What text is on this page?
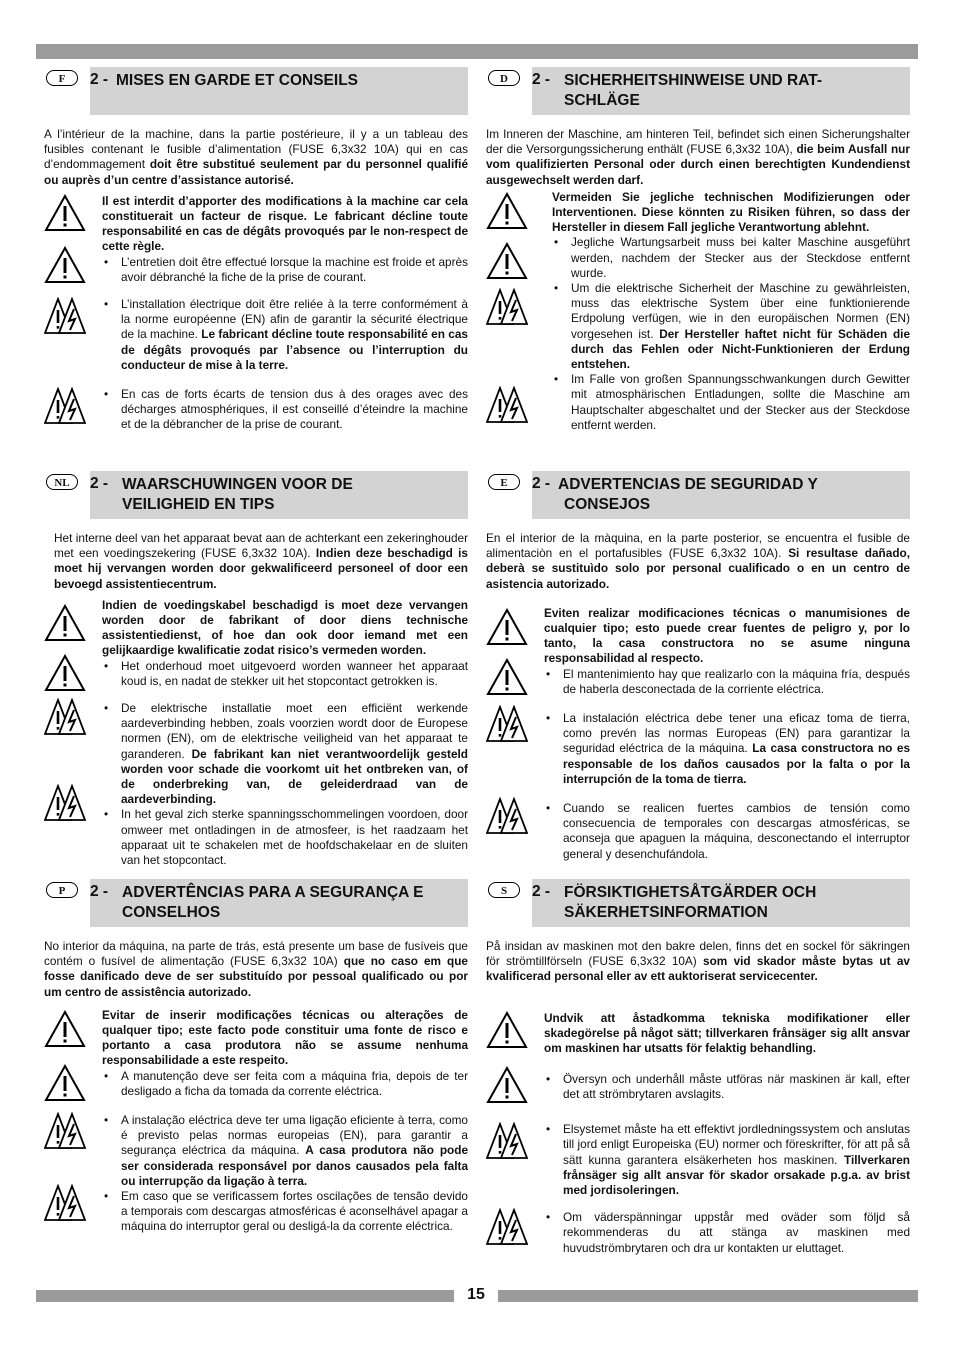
F	2 - MISES EN GARDE ET CONSEILS
A l’intérieur de la machine, dans la partie postérieure, il y a un tableau des fusibles contenant le fusible d’alimentation (FUSE 6,3x32 10A) qui en cas d’endommagement doit être substitué seulement par du personnel qualifié ou auprès d’un centre d’assistance autorisé.
Il est interdit d’apporter des modifications à la machine car cela constituerait un facteur de risque. Le fabricant décline toute responsabilité en cas de dégâts provoqués par le non-respect de cette règle.
• L’entretien doit être effectué lorsque la machine est froide et après avoir débranché la fiche de la prise de courant.
• L’installation électrique doit être reliée à la terre conformément à la norme européenne (EN) afin de garantir la sécurité électrique de la machine. Le fabricant décline toute responsabilité en cas de dégâts provoqués par l’absence ou l’interruption du conducteur de mise à la terre.
• En cas de forts écarts de tension dus à des orages avec des décharges atmosphériques, il est conseillé d’éteindre la machine et de la débrancher de la prise de courant.
D	2 - SICHERHEITSHINWEISE UND RAT-
SCHLÄGE
Im Inneren der Maschine, am hinteren Teil, befindet sich einen Sicherungshalter der die Versorgungssicherung enthält (FUSE 6,3x32 10A), die beim Ausfall nur vom qualifizierten Personal oder durch einen berechtigten Kundendienst ausgewechselt werden darf.
Vermeiden Sie jegliche technischen Modifizierungen oder Interventionen. Diese könnten zu Risiken führen, so dass der Hersteller in diesem Fall jegliche Verantwortung ablehnt.
• Jegliche Wartungsarbeit muss bei kalter Maschine ausgeführt werden, nachdem der Stecker aus der Steckdose entfernt wurde.
• Um die elektrische Sicherheit der Maschine zu gewährleisten, muss das elektrische System über eine funktionierende Erdpolung verfügen, wie in den europäischen Normen (EN) vorgesehen ist. Der Hersteller haftet nicht für Schäden die durch das Fehlen oder Nicht-Funktionieren der Erdung entstehen.
• Im Falle von großen Spannungsschwankungen durch Gewitter mit atmosphärischen Entladungen, sollte die Maschine am Hauptschalter abgeschaltet und der Stecker aus der Steckdose entfernt werden.
NL	2 - WAARSCHUWINGEN VOOR DE
VEILIGHEID EN TIPS
Het interne deel van het apparaat bevat aan de achterkant een zekeringhouder met een voedingszekering (FUSE 6,3x32 10A). Indien deze beschadigd is moet hij vervangen worden door gekwalificeerd personeel of door een bevoegd assistentiecentrum.
Indien de voedingskabel beschadigd is moet deze vervangen worden door de fabrikant of door diens technische assistentiedienst, of hoe dan ook door iemand met een gelijkaardige kwalificatie zodat risico’s vermeden worden.
• Het onderhoud moet uitgevoerd worden wanneer het apparaat koud is, en nadat de stekker uit het stopcontact getrokken is.
• De elektrische installatie moet een efficiënt werkende aardeverbinding hebben, zoals voorzien wordt door de Europese normen (EN), om de elektrische veiligheid van het apparaat te garanderen. De fabrikant kan niet verantwoordelijk gesteld worden voor schade die voorkomt uit het ontbreken van, of de onderbreking van, de geleiderdraad van de aardeverbinding.
• In het geval zich sterke spanningsschommelingen voordoen, door omweer met ontladingen in de atmosfeer, is het raadzaam het apparaat uit te schakelen met de hoofdschakelaar en de sluiten van het stopcontact.
E	2 - ADVERTENCIAS DE SEGURIDAD Y
CONSEJOS
En el interior de la màquina, en la parte posterior, se encuentra el fusible de alimentaciòn en el portafusibles (FUSE 6,3x32 10A). Si resultase dañado, deberà se sustituìdo solo por personal cualificado o en un centro de asistencia autorizado.
Eviten realizar modificaciones técnicas o manumisiones de cualquier tipo; esto puede crear fuentes de peligro y, por lo tanto, la casa constructora no se asume ninguna responsabilidad al respecto.
• El mantenimiento hay que realizarlo con la máquina fría, después de haberla desconectada de la corriente eléctrica.
• La instalación eléctrica debe tener una eficaz toma de tierra, como prevén las normas Europeas (EN) para garantizar la seguridad eléctrica de la máquina. La casa constructora no es responsable de los daños causados por la falta o por la interrupción de la toma de tierra.
• Cuando se realicen fuertes cambios de tensión como consecuencia de temporales con descargas atmosféricas, se aconseja que apaguen la máquina, desconectando el interruptor general y desenchufándola.
P	2 - ADVERTÊNCIAS PARA A SEGURANÇA E
CONSELHOS
No interior da máquina, na parte de trás, está presente um base de fusíveis que contém o fusível de alimentação (FUSE 6,3x32 10A) que no caso em que fosse danificado deve de ser substituído por pessoal qualificado ou por um centro de assistência autorizado.
Evitar de inserir modificações técnicas ou alterações de qualquer tipo; este facto pode constituir uma fonte de risco e portanto a casa produtora não se assume nenhuma responsabilidade a este respeito.
• A manutenção deve ser feita com a máquina fria, depois de ter desligado a ficha da tomada da corrente eléctrica.
• A instalação eléctrica deve ter uma ligação eficiente à terra, como é previsto pelas normas europeias (EN), para garantir a segurança eléctrica da máquina. A casa produtora não pode ser considerada responsável por danos causados pela falta ou interrupção da ligação à terra.
• Em caso que se verificassem fortes oscilações de tensão devido a temporais com descargas atmosféricas é aconselhável apagar a máquina do interruptor geral ou desligá-la da corrente eléctrica.
S	2 - FÖRSIKTIGHETSÅTGÄRDER OCH
SÄKERHETSINFORMATION
På insidan av maskinen mot den bakre delen, finns det en sockel för säkringen för strömtillförseln (FUSE 6,3x32 10A) som vid skador måste bytas ut av kvalificerad personal eller av ett auktoriserat servicecenter.
Undvik att åstadkomma tekniska modifikationer eller skadegörelse på något sätt; tillverkaren frånsäger sig allt ansvar om maskinen har utsatts för felaktig behandling.
• Översyn och underhåll måste utföras när maskinen är kall, efter det att strömbrytaren avslagits.
• Elsystemet måste ha ett effektivt jordledningssystem och anslutas till jord enligt Europeiska (EU) normer och föreskrifter, för att på så sätt kunna garantera elsäkerheten hos maskinen. Tillverkaren frånsäger sig allt ansvar för skador orsakade p.g.a. av brist med jordisoleringen.
• Om väderspänningar uppstår med oväder som följd så rekommenderas du att stänga av maskinen med huvudströmbrytaren och dra ur kontakten ur eluttaget.
15
